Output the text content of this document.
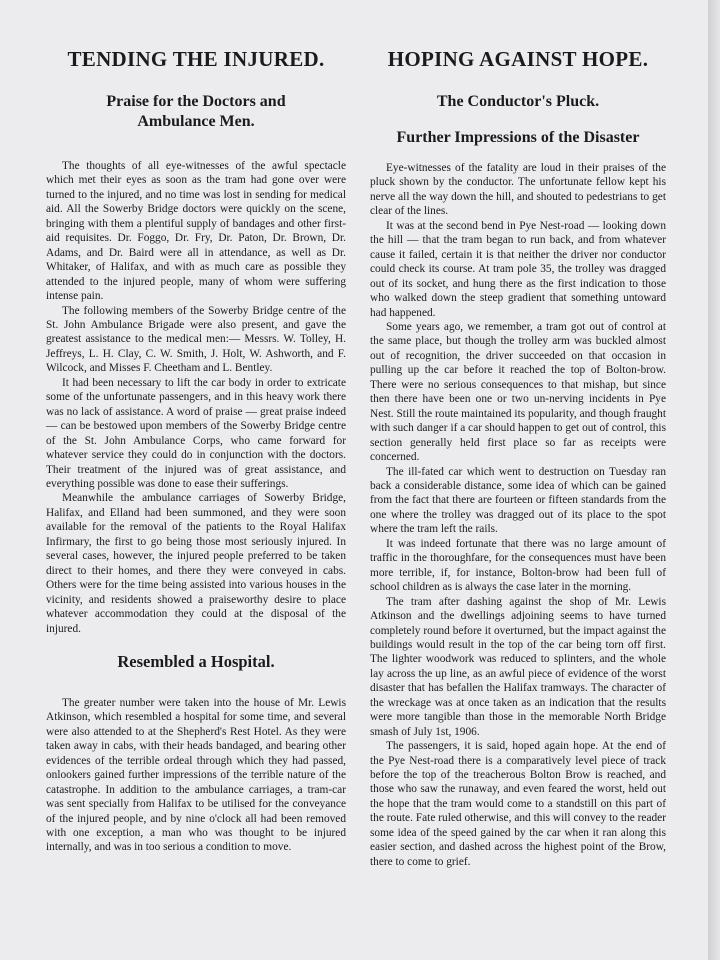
TENDING THE INJURED.
Praise for the Doctors and Ambulance Men.

The thoughts of all eye-witnesses of the awful spectacle which met their eyes as soon as the tram had gone over were turned to the injured, and no time was lost in sending for medical aid. All the Sowerby Bridge doctors were quickly on the scene, bringing with them a plentiful supply of bandages and other first-aid requisites. Dr. Foggo, Dr. Fry, Dr. Paton, Dr. Brown, Dr. Adams, and Dr. Baird were all in attendance, as well as Dr. Whitaker, of Halifax, and with as much care as possible they attended to the injured people, many of whom were suffering intense pain.

The following members of the Sowerby Bridge centre of the St. John Ambulance Brigade were also present, and gave the greatest assistance to the medical men:— Messrs. W. Tolley, H. Jeffreys, L. H. Clay, C. W. Smith, J. Holt, W. Ashworth, and F. Wilcock, and Misses F. Cheetham and L. Bentley.

It had been necessary to lift the car body in order to extricate some of the unfortunate passengers, and in this heavy work there was no lack of assistance. A word of praise — great praise indeed — can be bestowed upon members of the Sowerby Bridge centre of the St. John Ambulance Corps, who came forward for whatever service they could do in conjunction with the doctors. Their treatment of the injured was of great assistance, and everything possible was done to ease their sufferings.

Meanwhile the ambulance carriages of Sowerby Bridge, Halifax, and Elland had been summoned, and they were soon available for the removal of the patients to the Royal Halifax Infirmary, the first to go being those most seriously injured. In several cases, however, the injured people preferred to be taken direct to their homes, and there they were conveyed in cabs. Others were for the time being assisted into various houses in the vicinity, and residents showed a praiseworthy desire to place whatever accommodation they could at the disposal of the injured.

Resembled a Hospital.

The greater number were taken into the house of Mr. Lewis Atkinson, which resembled a hospital for some time, and several were also attended to at the Shepherd's Rest Hotel. As they were taken away in cabs, with their heads bandaged, and bearing other evidences of the terrible ordeal through which they had passed, onlookers gained further impressions of the terrible nature of the catastrophe. In addition to the ambulance carriages, a tram-car was sent specially from Halifax to be utilised for the conveyance of the injured people, and by nine o'clock all had been removed with one exception, a man who was thought to be injured internally, and was in too serious a condition to move.

HOPING AGAINST HOPE.
The Conductor's Pluck.
Further Impressions of the Disaster

Eye-witnesses of the fatality are loud in their praises of the pluck shown by the conductor. The unfortunate fellow kept his nerve all the way down the hill, and shouted to pedestrians to get clear of the lines.

It was at the second bend in Pye Nest-road — looking down the hill — that the tram began to run back, and from whatever cause it failed, certain it is that neither the driver nor conductor could check its course. At tram pole 35, the trolley was dragged out of its socket, and hung there as the first indication to those who walked down the steep gradient that something untoward had happened.

Some years ago, we remember, a tram got out of control at the same place, but though the trolley arm was buckled almost out of recognition, the driver succeeded on that occasion in pulling up the car before it reached the top of Bolton-brow. There were no serious consequences to that mishap, but since then there have been one or two un-nerving incidents in Pye Nest. Still the route maintained its popularity, and though fraught with such danger if a car should happen to get out of control, this section generally held first place so far as receipts were concerned.

The ill-fated car which went to destruction on Tuesday ran back a considerable distance, some idea of which can be gained from the fact that there are fourteen or fifteen standards from the one where the trolley was dragged out of its place to the spot where the tram left the rails.

It was indeed fortunate that there was no large amount of traffic in the thoroughfare, for the consequences must have been more terrible, if, for instance, Bolton-brow had been full of school children as is always the case later in the morning.

The tram after dashing against the shop of Mr. Lewis Atkinson and the dwellings adjoining seems to have turned completely round before it overturned, but the impact against the buildings would result in the top of the car being torn off first. The lighter woodwork was reduced to splinters, and the whole lay across the up line, as an awful piece of evidence of the worst disaster that has befallen the Halifax tramways. The character of the wreckage was at once taken as an indication that the results were more tangible than those in the memorable North Bridge smash of July 1st, 1906.

The passengers, it is said, hoped again hope. At the end of the Pye Nest-road there is a comparatively level piece of track before the top of the treacherous Bolton Brow is reached, and those who saw the runaway, and even feared the worst, held out the hope that the tram would come to a standstill on this part of the route. Fate ruled otherwise, and this will convey to the reader some idea of the speed gained by the car when it ran along this easier section, and dashed across the highest point of the Brow, there to come to grief.
